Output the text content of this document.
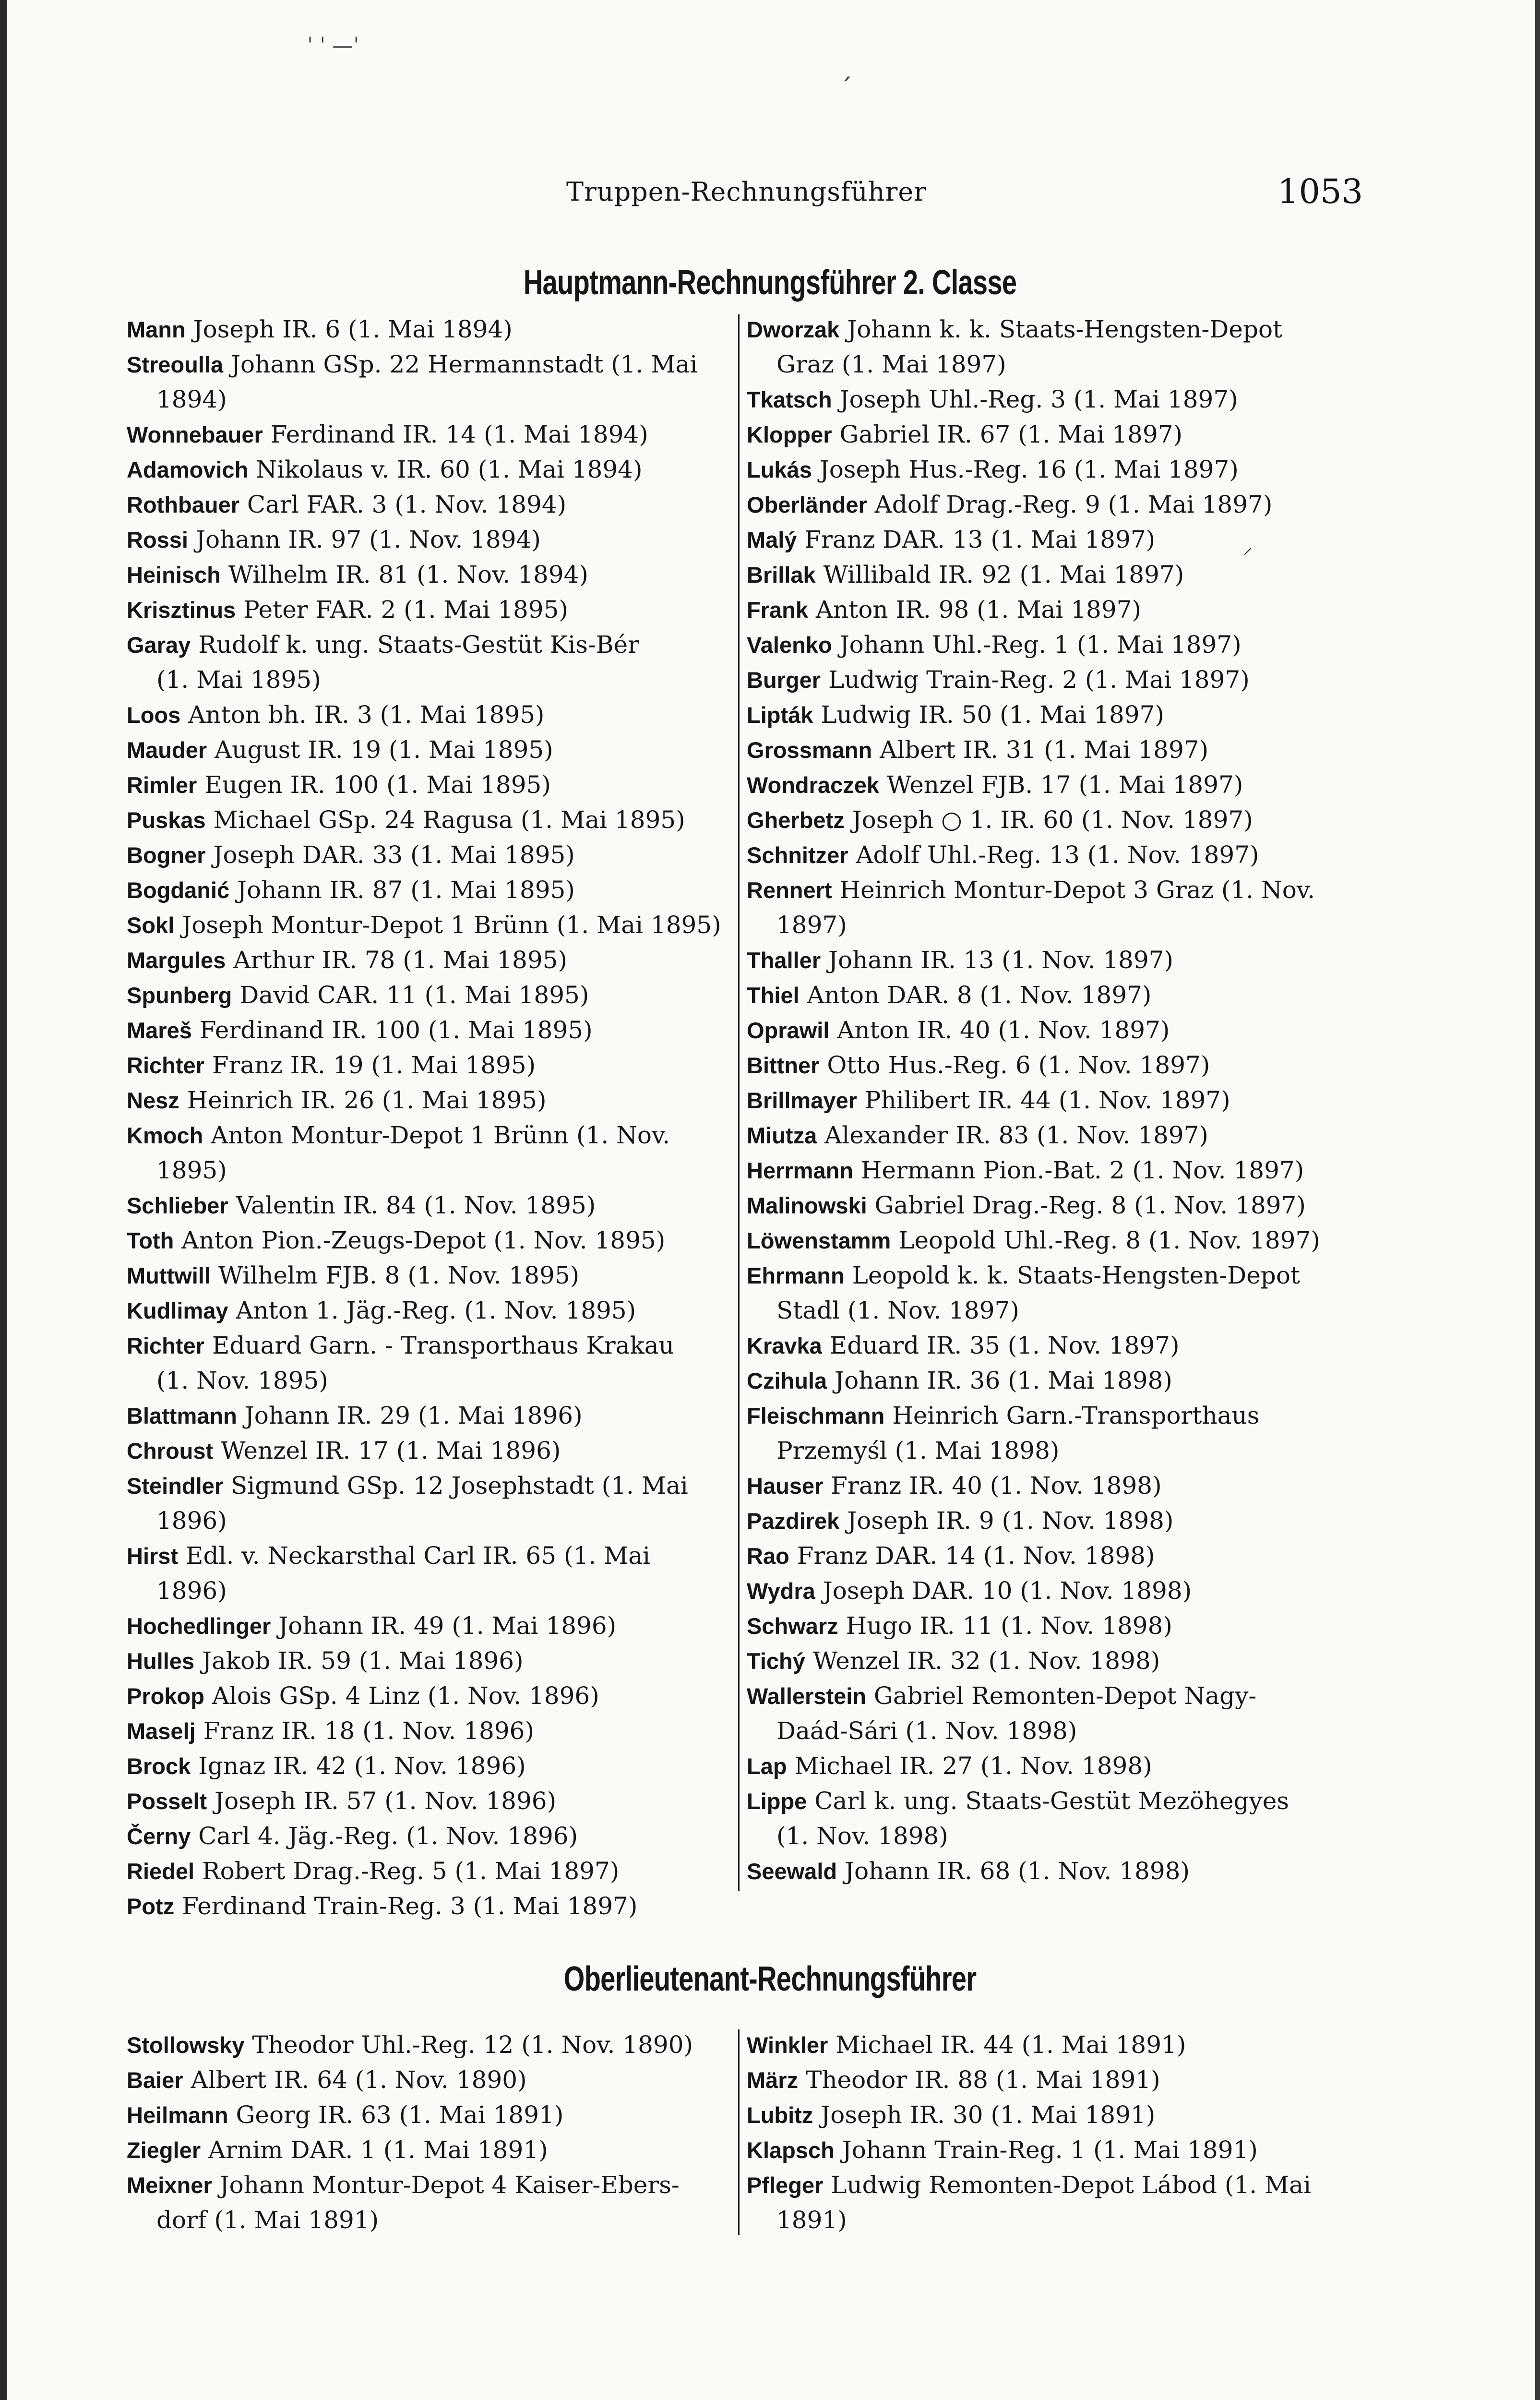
ˈ ˈ —ˈ
ˏ
⸝
Truppen-Rechnungsführer	1053
Hauptmann-Rechnungsführer 2. Classe
Mann Joseph IR. 6 (1. Mai 1894)
Streoulla Johann GSp. 22 Hermannstadt (1. Mai
1894)
Wonnebauer Ferdinand IR. 14 (1. Mai 1894)
Adamovich Nikolaus v. IR. 60 (1. Mai 1894)
Rothbauer Carl FAR. 3 (1. Nov. 1894)
Rossi Johann IR. 97 (1. Nov. 1894)
Heinisch Wilhelm IR. 81 (1. Nov. 1894)
Krisztinus Peter FAR. 2 (1. Mai 1895)
Garay Rudolf k. ung. Staats-Gestüt Kis-Bér
(1. Mai 1895)
Loos Anton bh. IR. 3 (1. Mai 1895)
Mauder August IR. 19 (1. Mai 1895)
Rimler Eugen IR. 100 (1. Mai 1895)
Puskas Michael GSp. 24 Ragusa (1. Mai 1895)
Bogner Joseph DAR. 33 (1. Mai 1895)
Bogdanić Johann IR. 87 (1. Mai 1895)
Sokl Joseph Montur-Depot 1 Brünn (1. Mai 1895)
Margules Arthur IR. 78 (1. Mai 1895)
Spunberg David CAR. 11 (1. Mai 1895)
Mareš Ferdinand IR. 100 (1. Mai 1895)
Richter Franz IR. 19 (1. Mai 1895)
Nesz Heinrich IR. 26 (1. Mai 1895)
Kmoch Anton Montur-Depot 1 Brünn (1. Nov.
1895)
Schlieber Valentin IR. 84 (1. Nov. 1895)
Toth Anton Pion.-Zeugs-Depot (1. Nov. 1895)
Muttwill Wilhelm FJB. 8 (1. Nov. 1895)
Kudlimay Anton 1. Jäg.-Reg. (1. Nov. 1895)
Richter Eduard Garn. - Transporthaus Krakau
(1. Nov. 1895)
Blattmann Johann IR. 29 (1. Mai 1896)
Chroust Wenzel IR. 17 (1. Mai 1896)
Steindler Sigmund GSp. 12 Josephstadt (1. Mai
1896)
Hirst Edl. v. Neckarsthal Carl IR. 65 (1. Mai
1896)
Hochedlinger Johann IR. 49 (1. Mai 1896)
Hulles Jakob IR. 59 (1. Mai 1896)
Prokop Alois GSp. 4 Linz (1. Nov. 1896)
Maselj Franz IR. 18 (1. Nov. 1896)
Brock Ignaz IR. 42 (1. Nov. 1896)
Posselt Joseph IR. 57 (1. Nov. 1896)
Černy Carl 4. Jäg.-Reg. (1. Nov. 1896)
Riedel Robert Drag.-Reg. 5 (1. Mai 1897)
Potz Ferdinand Train-Reg. 3 (1. Mai 1897)
Dworzak Johann k. k. Staats-Hengsten-Depot
Graz (1. Mai 1897)
Tkatsch Joseph Uhl.-Reg. 3 (1. Mai 1897)
Klopper Gabriel IR. 67 (1. Mai 1897)
Lukás Joseph Hus.-Reg. 16 (1. Mai 1897)
Oberländer Adolf Drag.-Reg. 9 (1. Mai 1897)
Malý Franz DAR. 13 (1. Mai 1897)
Brillak Willibald IR. 92 (1. Mai 1897)
Frank Anton IR. 98 (1. Mai 1897)
Valenko Johann Uhl.-Reg. 1 (1. Mai 1897)
Burger Ludwig Train-Reg. 2 (1. Mai 1897)
Lipták Ludwig IR. 50 (1. Mai 1897)
Grossmann Albert IR. 31 (1. Mai 1897)
Wondraczek Wenzel FJB. 17 (1. Mai 1897)
Gherbetz Joseph ○ 1. IR. 60 (1. Nov. 1897)
Schnitzer Adolf Uhl.-Reg. 13 (1. Nov. 1897)
Rennert Heinrich Montur-Depot 3 Graz (1. Nov.
1897)
Thaller Johann IR. 13 (1. Nov. 1897)
Thiel Anton DAR. 8 (1. Nov. 1897)
Oprawil Anton IR. 40 (1. Nov. 1897)
Bittner Otto Hus.-Reg. 6 (1. Nov. 1897)
Brillmayer Philibert IR. 44 (1. Nov. 1897)
Miutza Alexander IR. 83 (1. Nov. 1897)
Herrmann Hermann Pion.-Bat. 2 (1. Nov. 1897)
Malinowski Gabriel Drag.-Reg. 8 (1. Nov. 1897)
Löwenstamm Leopold Uhl.-Reg. 8 (1. Nov. 1897)
Ehrmann Leopold k. k. Staats-Hengsten-Depot
Stadl (1. Nov. 1897)
Kravka Eduard IR. 35 (1. Nov. 1897)
Czihula Johann IR. 36 (1. Mai 1898)
Fleischmann Heinrich Garn.-Transporthaus
Przemyśl (1. Mai 1898)
Hauser Franz IR. 40 (1. Nov. 1898)
Pazdirek Joseph IR. 9 (1. Nov. 1898)
Rao Franz DAR. 14 (1. Nov. 1898)
Wydra Joseph DAR. 10 (1. Nov. 1898)
Schwarz Hugo IR. 11 (1. Nov. 1898)
Tichý Wenzel IR. 32 (1. Nov. 1898)
Wallerstein Gabriel Remonten-Depot Nagy-
Daád-Sári (1. Nov. 1898)
Lap Michael IR. 27 (1. Nov. 1898)
Lippe Carl k. ung. Staats-Gestüt Mezöhegyes
(1. Nov. 1898)
Seewald Johann IR. 68 (1. Nov. 1898)
Oberlieutenant-Rechnungsführer
Stollowsky Theodor Uhl.-Reg. 12 (1. Nov. 1890)
Baier Albert IR. 64 (1. Nov. 1890)
Heilmann Georg IR. 63 (1. Mai 1891)
Ziegler Arnim DAR. 1 (1. Mai 1891)
Meixner Johann Montur-Depot 4 Kaiser-Ebers-
dorf (1. Mai 1891)
Winkler Michael IR. 44 (1. Mai 1891)
März Theodor IR. 88 (1. Mai 1891)
Lubitz Joseph IR. 30 (1. Mai 1891)
Klapsch Johann Train-Reg. 1 (1. Mai 1891)
Pfleger Ludwig Remonten-Depot Lábod (1. Mai
1891)
